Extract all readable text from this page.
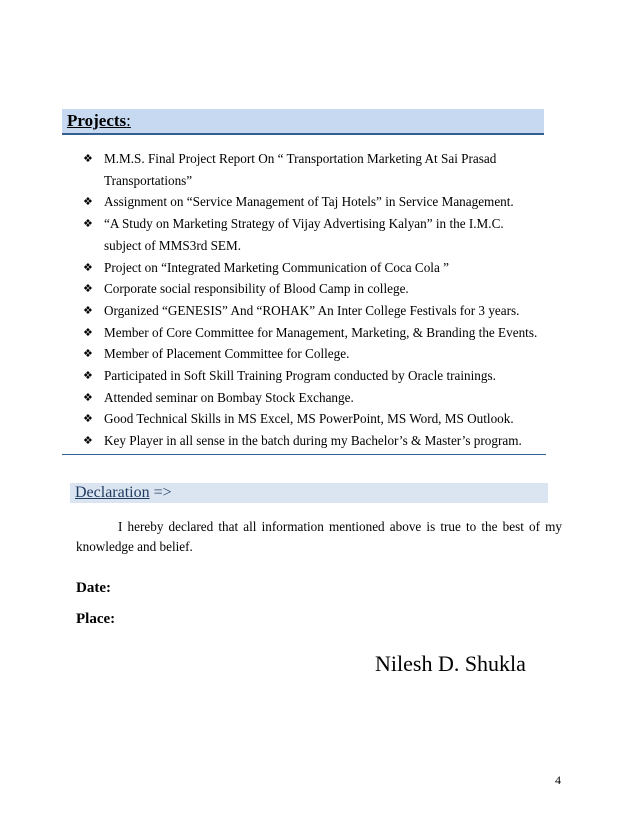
Projects:
❖ M.M.S. Final Project Report On “ Transportation Marketing At Sai Prasad Transportations”
❖ Assignment on “Service Management of Taj Hotels” in Service Management.
❖ “A Study on Marketing Strategy of Vijay Advertising Kalyan” in the I.M.C. subject of MMS3rd SEM.
❖ Project on “Integrated Marketing Communication of Coca Cola ”
❖ Corporate social responsibility of Blood Camp in college.
❖ Organized “GENESIS” And “ROHAK” An Inter College Festivals for 3 years.
❖ Member of Core Committee for Management, Marketing, & Branding the Events.
❖ Member of Placement Committee for College.
❖ Participated in Soft Skill Training Program conducted by Oracle trainings.
❖ Attended seminar on Bombay Stock Exchange.
❖ Good Technical Skills in MS Excel, MS PowerPoint, MS Word, MS Outlook.
❖ Key Player in all sense in the batch during my Bachelor’s & Master’s program.
Declaration =>

I hereby declared that all information mentioned above is true to the best of my knowledge and belief.

Date:
Place:
Nilesh D. Shukla
4
